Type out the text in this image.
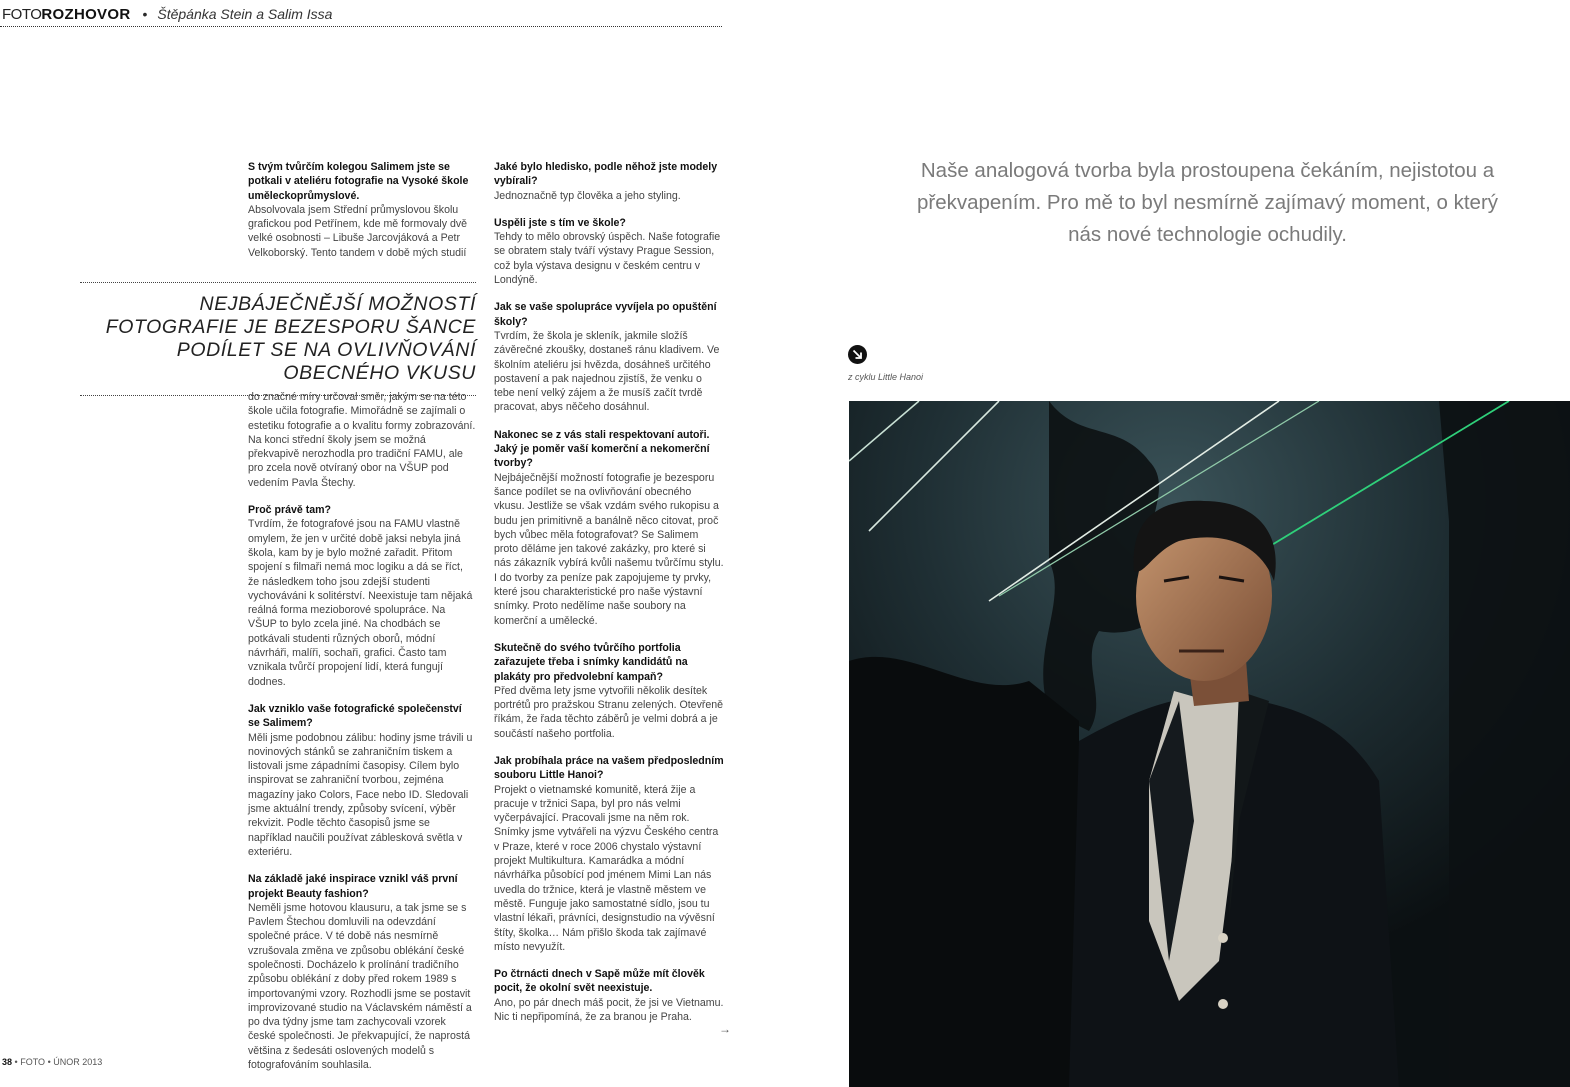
FOTOROZHOVOR • Štěpánka Stein a Salim Issa

S tvým tvůrčím kolegou Salimem jste se potkali v ateliéru fotografie na Vysoké škole uměleckoprůmyslové.
Absolvovala jsem Střední průmyslovou školu grafickou pod Petřínem, kde mě formovaly dvě velké osobnosti – Libuše Jarcovjáková a Petr Velkoborský. Tento tandem v době mých studií

NEJBÁJEČNĚJŠÍ MOŽNOSTÍ FOTOGRAFIE JE BEZESPORU ŠANCE PODÍLET SE NA OVLIVŇOVÁNÍ OBECNÉHO VKUSU

do značné míry určoval směr, jakým se na této škole učila fotografie. Mimořádně se zajímali o estetiku fotografie a o kvalitu formy zobrazování. Na konci střední školy jsem se možná překvapivě nerozhodla pro tradiční FAMU, ale pro zcela nově otvíraný obor na VŠUP pod vedením Pavla Štechy.

Proč právě tam?
Tvrdím, že fotografové jsou na FAMU vlastně omylem, že jen v určité době jaksi nebyla jiná škola, kam by je bylo možné zařadit. Přitom spojení s filmaři nemá moc logiku a dá se říct, že následkem toho jsou zdejší studenti vychováváni k solitérství. Neexistuje tam nějaká reálná forma mezioborové spolupráce. Na VŠUP to bylo zcela jiné. Na chodbách se potkávali studenti různých oborů, módní návrháři, malíři, sochaři, grafici. Často tam vznikala tvůrčí propojení lidí, která fungují dodnes.

Jak vzniklo vaše fotografické společenství se Salimem?
Měli jsme podobnou zálibu: hodiny jsme trávili u novinových stánků se zahraničním tiskem a listovali jsme západními časopisy. Cílem bylo inspirovat se zahraniční tvorbou, zejména magazíny jako Colors, Face nebo ID. Sledovali jsme aktuální trendy, způsoby svícení, výběr rekvizit. Podle těchto časopisů jsme se například naučili používat záblesková světla v exteriéru.

Na základě jaké inspirace vznikl váš první projekt Beauty fashion?
Neměli jsme hotovou klausuru, a tak jsme se s Pavlem Štechou domluvili na odevzdání společné práce. V té době nás nesmírně vzrušovala změna ve způsobu oblékání české společnosti. Docházelo k prolínání tradičního způsobu oblékání z doby před rokem 1989 s importovanými vzory. Rozhodli jsme se postavit improvizované studio na Václavském náměstí a po dva týdny jsme tam zachycovali vzorek české společnosti. Je překvapující, že naprostá většina z šedesáti oslovených modelů s fotografováním souhlasila.

Jaké bylo hledisko, podle něhož jste modely vybírali?
Jednoznačně typ člověka a jeho styling.

Uspěli jste s tím ve škole?
Tehdy to mělo obrovský úspěch. Naše fotografie se obratem staly tváří výstavy Prague Session, což byla výstava designu v českém centru v Londýně.

Jak se vaše spolupráce vyvíjela po opuštění školy?
Tvrdím, že škola je skleník, jakmile složíš závěrečné zkoušky, dostaneš ránu kladivem. Ve školním ateliéru jsi hvězda, dosáhneš určitého postavení a pak najednou zjistíš, že venku o tebe není velký zájem a že musíš začít tvrdě pracovat, abys něčeho dosáhnul.

Nakonec se z vás stali respektovaní autoři. Jaký je poměr vaší komerční a nekomerční tvorby?
Nejbáječnější možností fotografie je bezesporu šance podílet se na ovlivňování obecného vkusu. Jestliže se však vzdám svého rukopisu a budu jen primitivně a banálně něco citovat, proč bych vůbec měla fotografovat? Se Salimem proto děláme jen takové zakázky, pro které si nás zákazník vybírá kvůli našemu tvůrčímu stylu. I do tvorby za peníze pak zapojujeme ty prvky, které jsou charakteristické pro naše výstavní snímky. Proto nedělíme naše soubory na komerční a umělecké.

Skutečně do svého tvůrčího portfolia zařazujete třeba i snímky kandidátů na plakáty pro předvolební kampaň?
Před dvěma lety jsme vytvořili několik desítek portrétů pro pražskou Stranu zelených. Otevřeně říkám, že řada těchto záběrů je velmi dobrá a je součástí našeho portfolia.

Jak probíhala práce na vašem předposledním souboru Little Hanoi?
Projekt o vietnamské komunitě, která žije a pracuje v tržnici Sapa, byl pro nás velmi vyčerpávající. Pracovali jsme na něm rok. Snímky jsme vytvářeli na výzvu Českého centra v Praze, které v roce 2006 chystalo výstavní projekt Multikultura. Kamarádka a módní návrhářka působící pod jménem Mimi Lan nás uvedla do tržnice, která je vlastně městem ve městě. Funguje jako samostatné sídlo, jsou tu vlastní lékaři, právníci, designstudio na vývěsní štíty, školka… Nám přišlo škoda tak zajímavé místo nevyužít.

Po čtrnácti dnech v Sapě může mít člověk pocit, že okolní svět neexistuje.
Ano, po pár dnech máš pocit, že jsi ve Vietnamu. Nic ti nepřipomíná, že za branou je Praha.

→
38 • FOTO • ÚNOR 2013
Naše analogová tvorba byla prostoupena čekáním, nejistotou a překvapením. Pro mě to byl nesmírně zajímavý moment, o který nás nové technologie ochudily.
z cyklu Little Hanoi
